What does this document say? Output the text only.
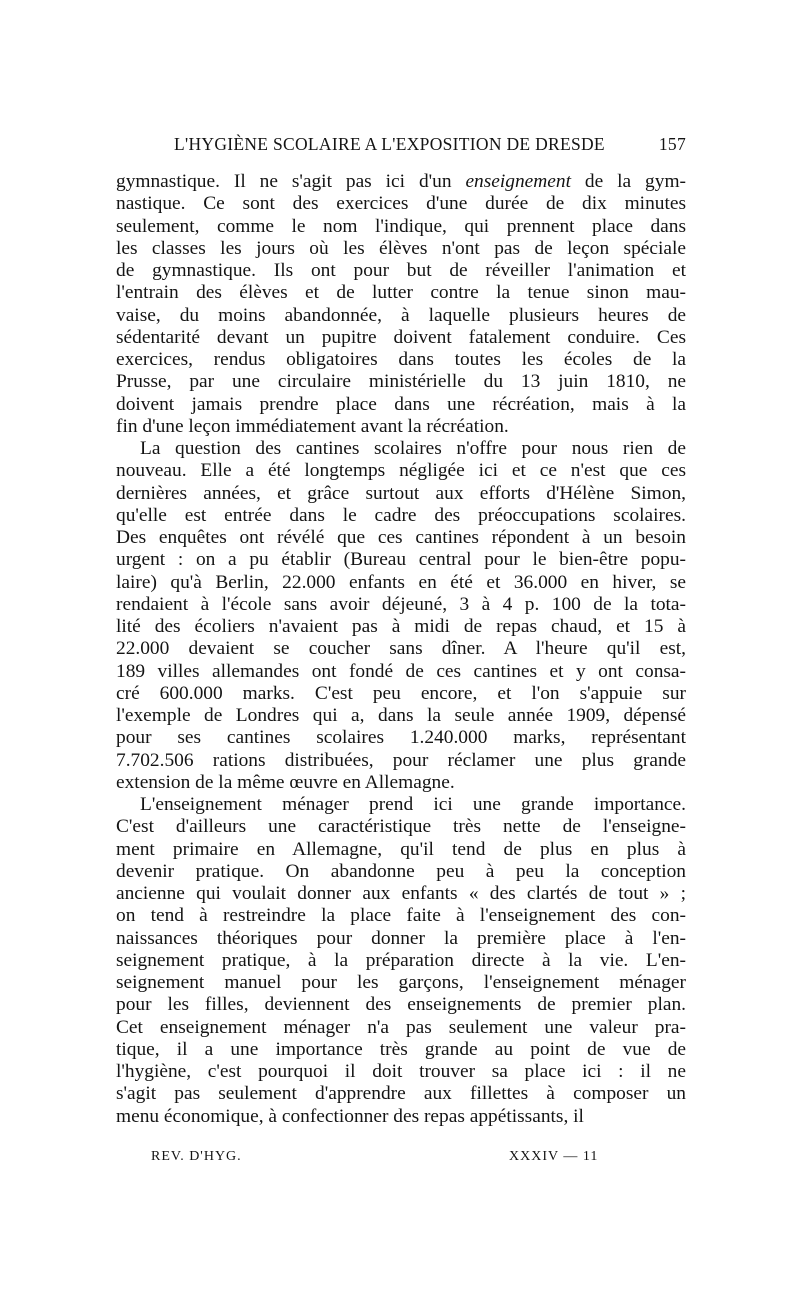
L'HYGIÈNE SCOLAIRE A L'EXPOSITION DE DRESDE	157
gymnastique. Il ne s'agit pas ici d'un enseignement de la gym-
nastique. Ce sont des exercices d'une durée de dix minutes
seulement, comme le nom l'indique, qui prennent place dans
les classes les jours où les élèves n'ont pas de leçon spéciale
de gymnastique. Ils ont pour but de réveiller l'animation et
l'entrain des élèves et de lutter contre la tenue sinon mau-
vaise, du moins abandonnée, à laquelle plusieurs heures de
sédentarité devant un pupitre doivent fatalement conduire. Ces
exercices, rendus obligatoires dans toutes les écoles de la
Prusse, par une circulaire ministérielle du 13 juin 1810, ne
doivent jamais prendre place dans une récréation, mais à la
fin d'une leçon immédiatement avant la récréation.
La question des cantines scolaires n'offre pour nous rien de
nouveau. Elle a été longtemps négligée ici et ce n'est que ces
dernières années, et grâce surtout aux efforts d'Hélène Simon,
qu'elle est entrée dans le cadre des préoccupations scolaires.
Des enquêtes ont révélé que ces cantines répondent à un besoin
urgent : on a pu établir (Bureau central pour le bien-être popu-
laire) qu'à Berlin, 22.000 enfants en été et 36.000 en hiver, se
rendaient à l'école sans avoir déjeuné, 3 à 4 p. 100 de la tota-
lité des écoliers n'avaient pas à midi de repas chaud, et 15 à
22.000 devaient se coucher sans dîner. A l'heure qu'il est,
189 villes allemandes ont fondé de ces cantines et y ont consa-
cré 600.000 marks. C'est peu encore, et l'on s'appuie sur
l'exemple de Londres qui a, dans la seule année 1909, dépensé
pour ses cantines scolaires 1.240.000 marks, représentant
7.702.506 rations distribuées, pour réclamer une plus grande
extension de la même œuvre en Allemagne.
L'enseignement ménager prend ici une grande importance.
C'est d'ailleurs une caractéristique très nette de l'enseigne-
ment primaire en Allemagne, qu'il tend de plus en plus à
devenir pratique. On abandonne peu à peu la conception
ancienne qui voulait donner aux enfants « des clartés de tout » ;
on tend à restreindre la place faite à l'enseignement des con-
naissances théoriques pour donner la première place à l'en-
seignement pratique, à la préparation directe à la vie. L'en-
seignement manuel pour les garçons, l'enseignement ménager
pour les filles, deviennent des enseignements de premier plan.
Cet enseignement ménager n'a pas seulement une valeur pra-
tique, il a une importance très grande au point de vue de
l'hygiène, c'est pourquoi il doit trouver sa place ici : il ne
s'agit pas seulement d'apprendre aux fillettes à composer un
menu économique, à confectionner des repas appétissants, il
REV. D'HYG.	XXXIV — 11
